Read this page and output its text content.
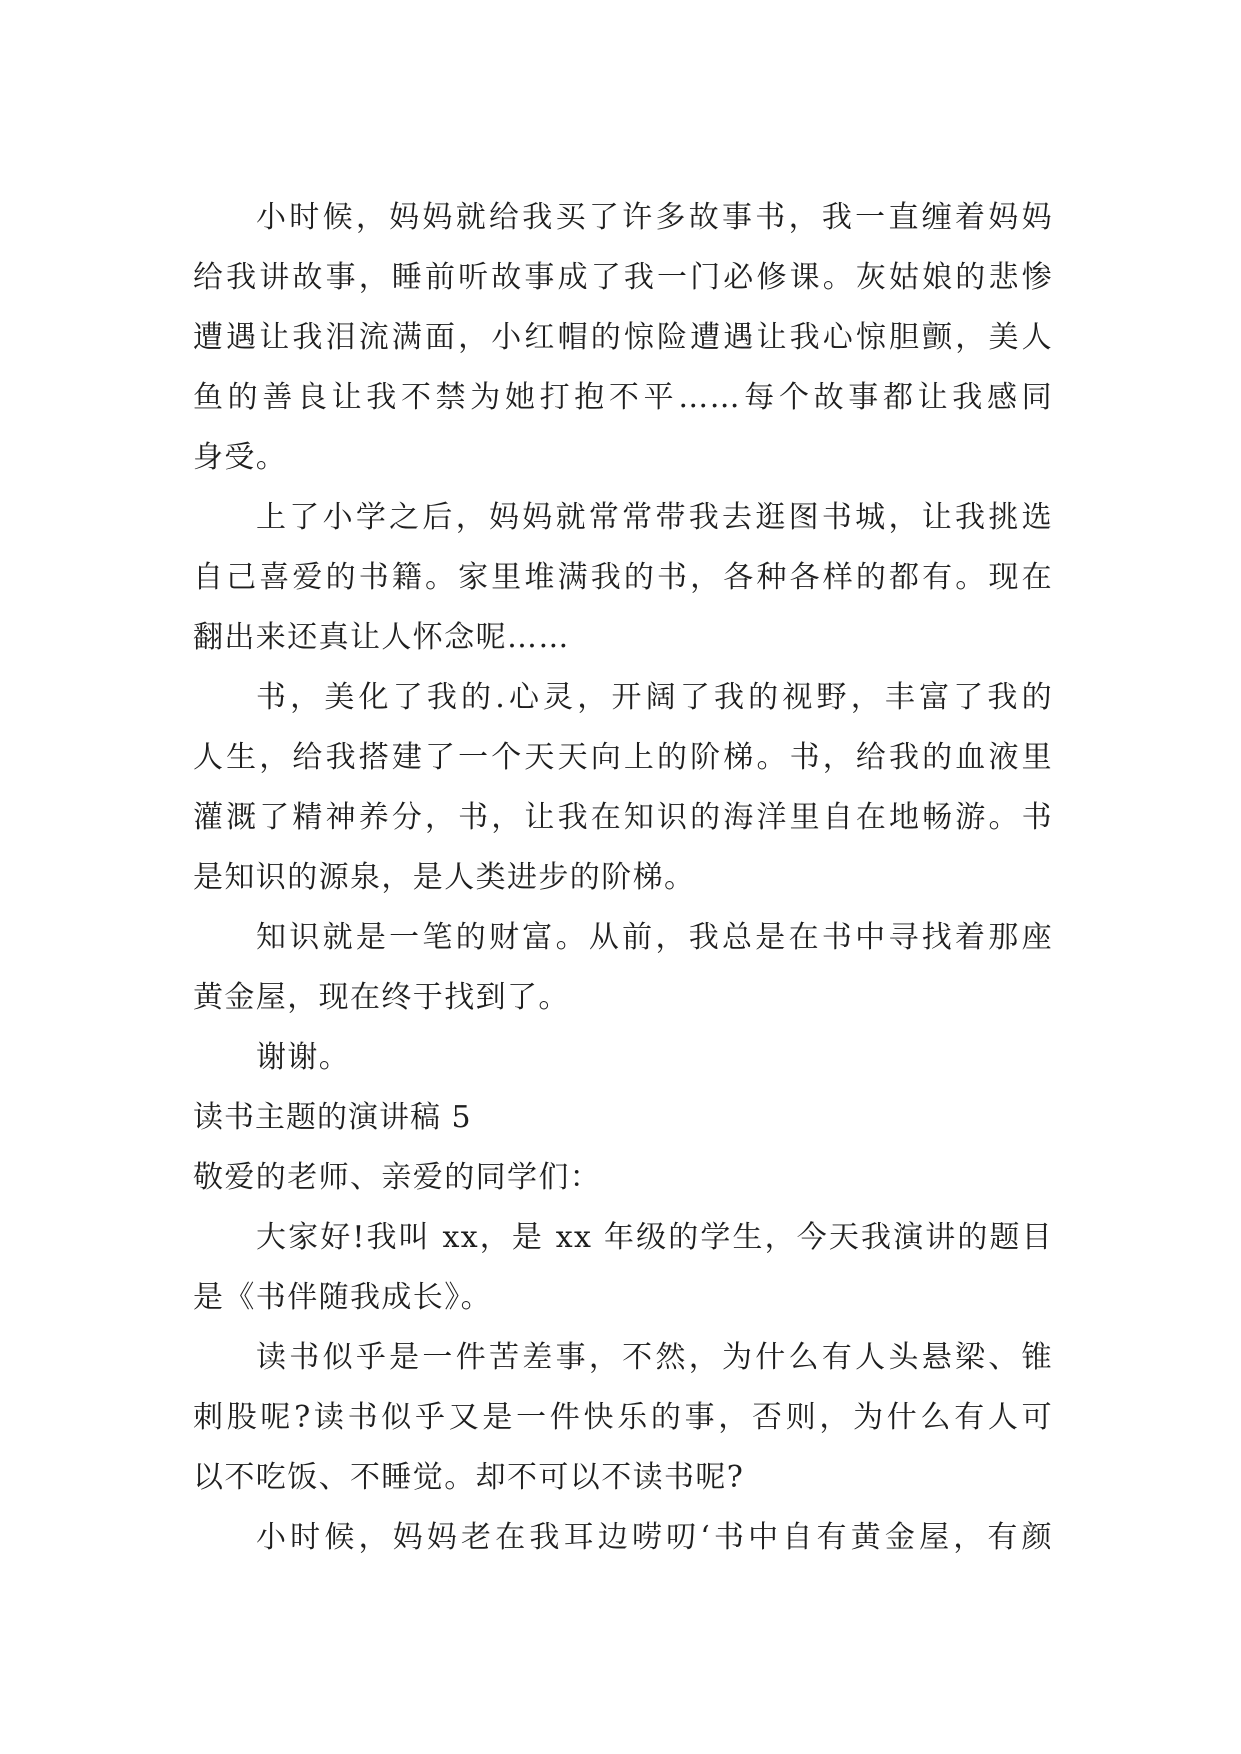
小时候，妈妈就给我买了许多故事书，我一直缠着妈妈
给我讲故事，睡前听故事成了我一门必修课。灰姑娘的悲惨
遭遇让我泪流满面，小红帽的惊险遭遇让我心惊胆颤，美人
鱼的善良让我不禁为她打抱不平……每个故事都让我感同
身受。
上了小学之后，妈妈就常常带我去逛图书城，让我挑选
自己喜爱的书籍。家里堆满我的书，各种各样的都有。现在
翻出来还真让人怀念呢……
书，美化了我的.心灵，开阔了我的视野，丰富了我的
人生，给我搭建了一个天天向上的阶梯。书，给我的血液里
灌溉了精神养分，书，让我在知识的海洋里自在地畅游。书
是知识的源泉，是人类进步的阶梯。
知识就是一笔的财富。从前，我总是在书中寻找着那座
黄金屋，现在终于找到了。
谢谢。
读书主题的演讲稿 5
敬爱的老师、亲爱的同学们：
大家好!我叫 xx，是 xx 年级的学生，今天我演讲的题目
是《书伴随我成长》。
读书似乎是一件苦差事，不然，为什么有人头悬梁、锥
刺股呢?读书似乎又是一件快乐的事，否则，为什么有人可
以不吃饭、不睡觉。却不可以不读书呢?
小时候，妈妈老在我耳边唠叨‘书中自有黄金屋，有颜
